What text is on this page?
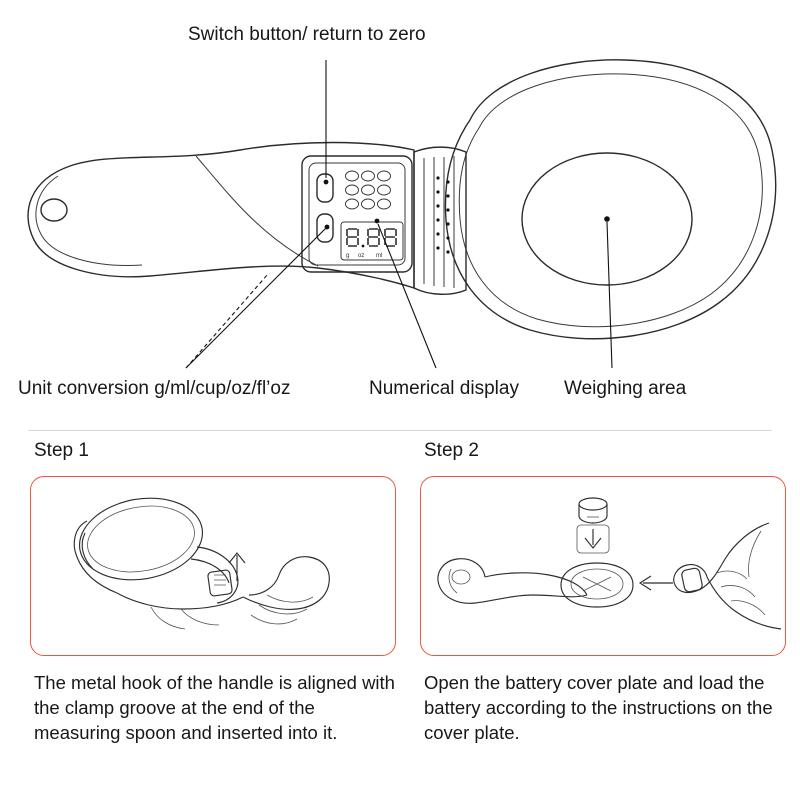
g oz ml
Switch button/ return to zero
Unit conversion g/ml/cup/oz/fl’oz	Numerical display Weighing area
Step 1
The metal hook of the handle is aligned with the clamp groove at the end of the measuring spoon and inserted into it.
Step 2
Open the battery cover plate and load the battery according to the instructions on the cover plate.
